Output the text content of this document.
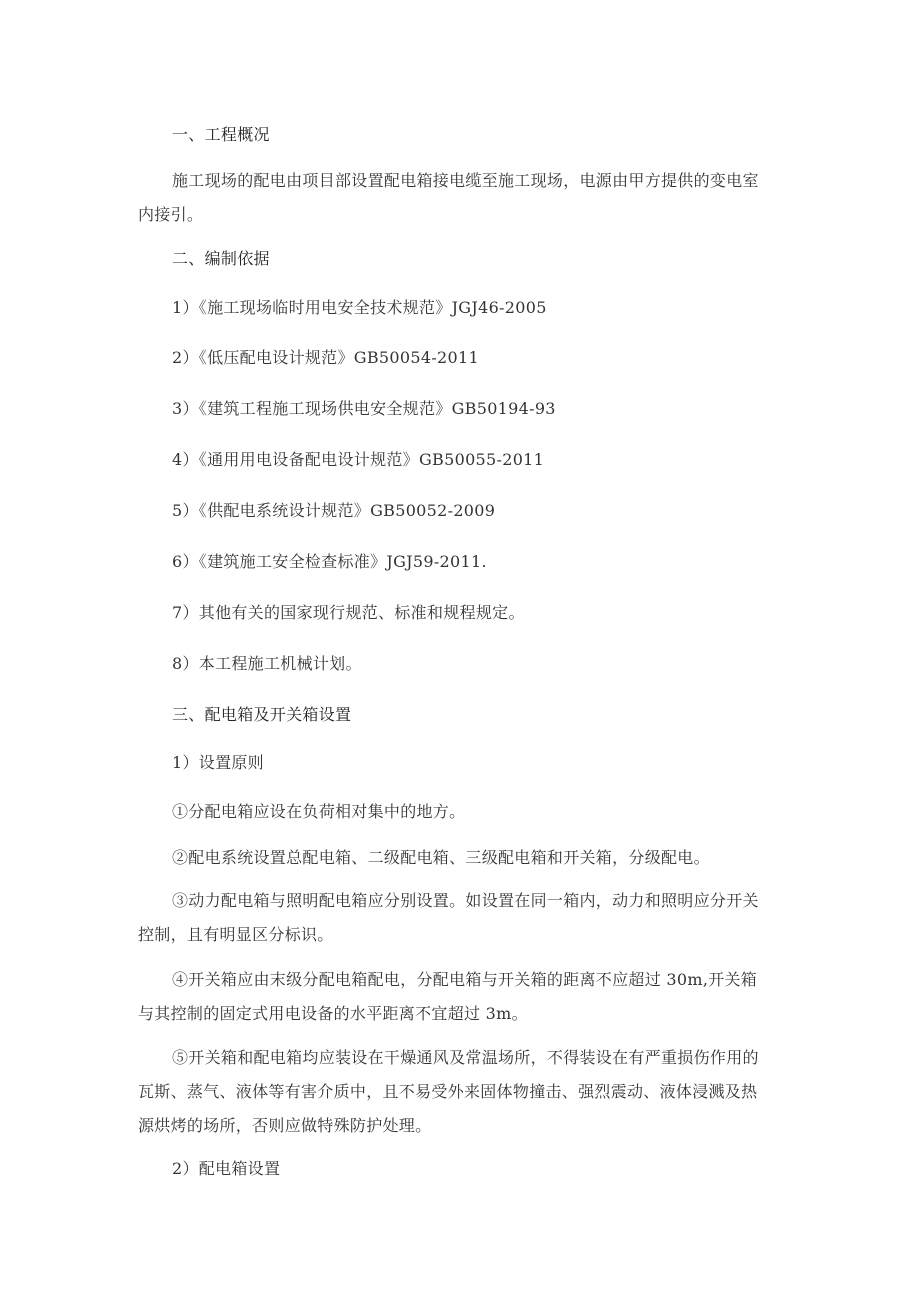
一、工程概况
施工现场的配电由项目部设置配电箱接电缆至施工现场，电源由甲方提供的变电室
内接引。
二、编制依据
1）《施工现场临时用电安全技术规范》JGJ46-2005
2）《低压配电设计规范》GB50054-2011
3）《建筑工程施工现场供电安全规范》GB50194-93
4）《通用用电设备配电设计规范》GB50055-2011
5）《供配电系统设计规范》GB50052-2009
6）《建筑施工安全检查标准》JGJ59-2011.
7）其他有关的国家现行规范、标准和规程规定。
8）本工程施工机械计划。
三、配电箱及开关箱设置
1）设置原则
①分配电箱应设在负荷相对集中的地方。
②配电系统设置总配电箱、二级配电箱、三级配电箱和开关箱，分级配电。
③动力配电箱与照明配电箱应分别设置。如设置在同一箱内，动力和照明应分开关
控制，且有明显区分标识。
④开关箱应由末级分配电箱配电，分配电箱与开关箱的距离不应超过 30m,开关箱
与其控制的固定式用电设备的水平距离不宜超过 3m。
⑤开关箱和配电箱均应装设在干燥通风及常温场所，不得装设在有严重损伤作用的
瓦斯、蒸气、液体等有害介质中，且不易受外来固体物撞击、强烈震动、液体浸溅及热
源烘烤的场所，否则应做特殊防护处理。
2）配电箱设置
